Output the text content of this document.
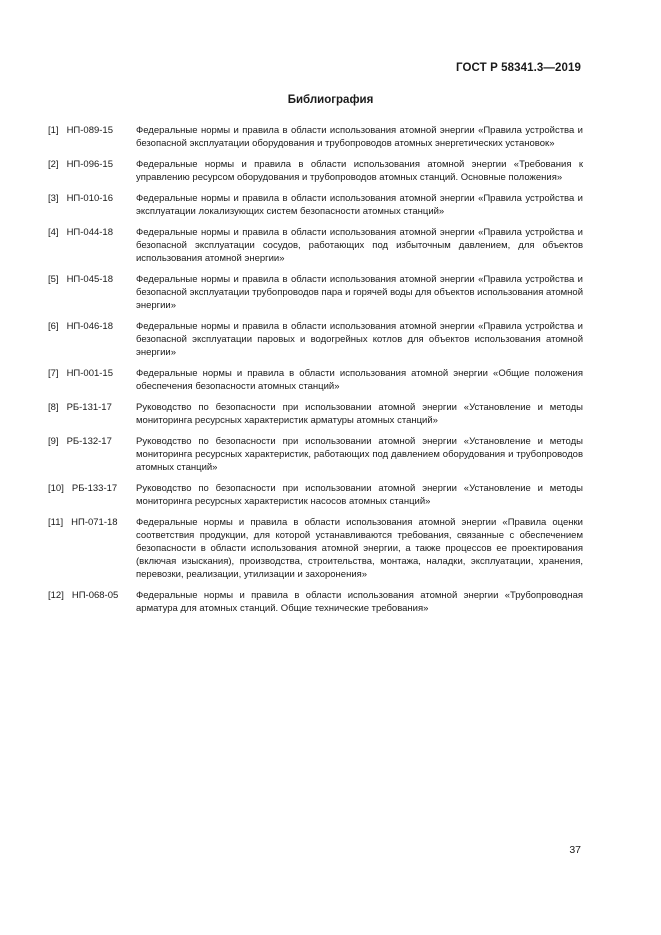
ГОСТ Р 58341.3—2019
Библиография
[1] НП-089-15	Федеральные нормы и правила в области использования атомной энергии «Правила устройства и безопасной эксплуатации оборудования и трубопроводов атомных энергетических установок»
[2] НП-096-15	Федеральные нормы и правила в области использования атомной энергии «Требования к управлению ресурсом оборудования и трубопроводов атомных станций. Основные положения»
[3] НП-010-16	Федеральные нормы и правила в области использования атомной энергии «Правила устройства и эксплуатации локализующих систем безопасности атомных станций»
[4] НП-044-18	Федеральные нормы и правила в области использования атомной энергии «Правила устройства и безопасной эксплуатации сосудов, работающих под избыточным давлением, для объектов использования атомной энергии»
[5] НП-045-18	Федеральные нормы и правила в области использования атомной энергии «Правила устройства и безопасной эксплуатации трубопроводов пара и горячей воды для объектов использования атомной энергии»
[6] НП-046-18	Федеральные нормы и правила в области использования атомной энергии «Правила устройства и безопасной эксплуатации паровых и водогрейных котлов для объектов использования атомной энергии»
[7] НП-001-15	Федеральные нормы и правила в области использования атомной энергии «Общие положения обеспечения безопасности атомных станций»
[8] РБ-131-17	Руководство по безопасности при использовании атомной энергии «Установление и методы мониторинга ресурсных характеристик арматуры атомных станций»
[9] РБ-132-17	Руководство по безопасности при использовании атомной энергии «Установление и методы мониторинга ресурсных характеристик, работающих под давлением оборудования и трубопроводов атомных станций»
[10] РБ-133-17	Руководство по безопасности при использовании атомной энергии «Установление и методы мониторинга ресурсных характеристик насосов атомных станций»
[11] НП-071-18	Федеральные нормы и правила в области использования атомной энергии «Правила оценки соответствия продукции, для которой устанавливаются требования, связанные с обеспечением безопасности в области использования атомной энергии, а также процессов ее проектирования (включая изыскания), производства, строительства, монтажа, наладки, эксплуатации, хранения, перевозки, реализации, утилизации и захоронения»
[12] НП-068-05	Федеральные нормы и правила в области использования атомной энергии «Трубопроводная арматура для атомных станций. Общие технические требования»
37
